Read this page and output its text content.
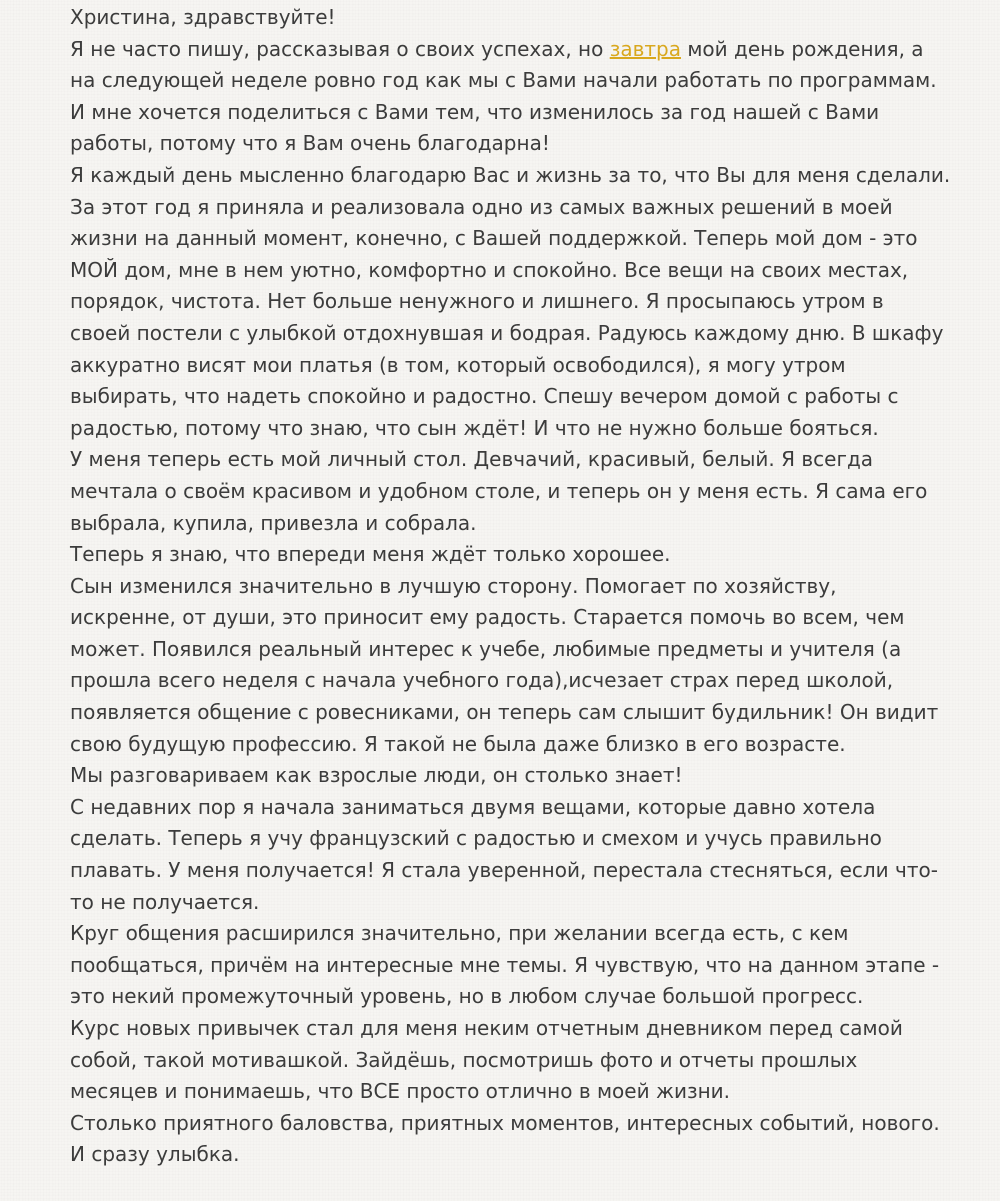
Христина, здравствуйте!
Я не часто пишу, рассказывая о своих успехах, но завтра мой день рождения, а
на следующей неделе ровно год как мы с Вами начали работать по программам.
И мне хочется поделиться с Вами тем, что изменилось за год нашей с Вами
работы, потому что я Вам очень благодарна!
Я каждый день мысленно благодарю Вас и жизнь за то, что Вы для меня сделали.
За этот год я приняла и реализовала одно из самых важных решений в моей
жизни на данный момент, конечно, с Вашей поддержкой. Теперь мой дом - это
МОЙ дом, мне в нем уютно, комфортно и спокойно. Все вещи на своих местах,
порядок, чистота. Нет больше ненужного и лишнего. Я просыпаюсь утром в
своей постели с улыбкой отдохнувшая и бодрая. Радуюсь каждому дню. В шкафу
аккуратно висят мои платья (в том, который освободился), я могу утром
выбирать, что надеть спокойно и радостно. Спешу вечером домой с работы с
радостью, потому что знаю, что сын ждёт! И что не нужно больше бояться.
У меня теперь есть мой личный стол. Девчачий, красивый, белый. Я всегда
мечтала о своём красивом и удобном столе, и теперь он у меня есть. Я сама его
выбрала, купила, привезла и собрала.
Теперь я знаю, что впереди меня ждёт только хорошее.
Сын изменился значительно в лучшую сторону. Помогает по хозяйству,
искренне, от души, это приносит ему радость. Старается помочь во всем, чем
может. Появился реальный интерес к учебе, любимые предметы и учителя (а
прошла всего неделя с начала учебного года),исчезает страх перед школой,
появляется общение с ровесниками, он теперь сам слышит будильник! Он видит
свою будущую профессию. Я такой не была даже близко в его возрасте.
Мы разговариваем как взрослые люди, он столько знает!
С недавних пор я начала заниматься двумя вещами, которые давно хотела
сделать. Теперь я учу французский с радостью и смехом и учусь правильно
плавать. У меня получается! Я стала уверенной, перестала стесняться, если что-
то не получается.
Круг общения расширился значительно, при желании всегда есть, с кем
пообщаться, причём на интересные мне темы. Я чувствую, что на данном этапе -
это некий промежуточный уровень, но в любом случае большой прогресс.
Курс новых привычек стал для меня неким отчетным дневником перед самой
собой, такой мотивашкой. Зайдёшь, посмотришь фото и отчеты прошлых
месяцев и понимаешь, что ВСЕ просто отлично в моей жизни.
Столько приятного баловства, приятных моментов, интересных событий, нового.
И сразу улыбка.
